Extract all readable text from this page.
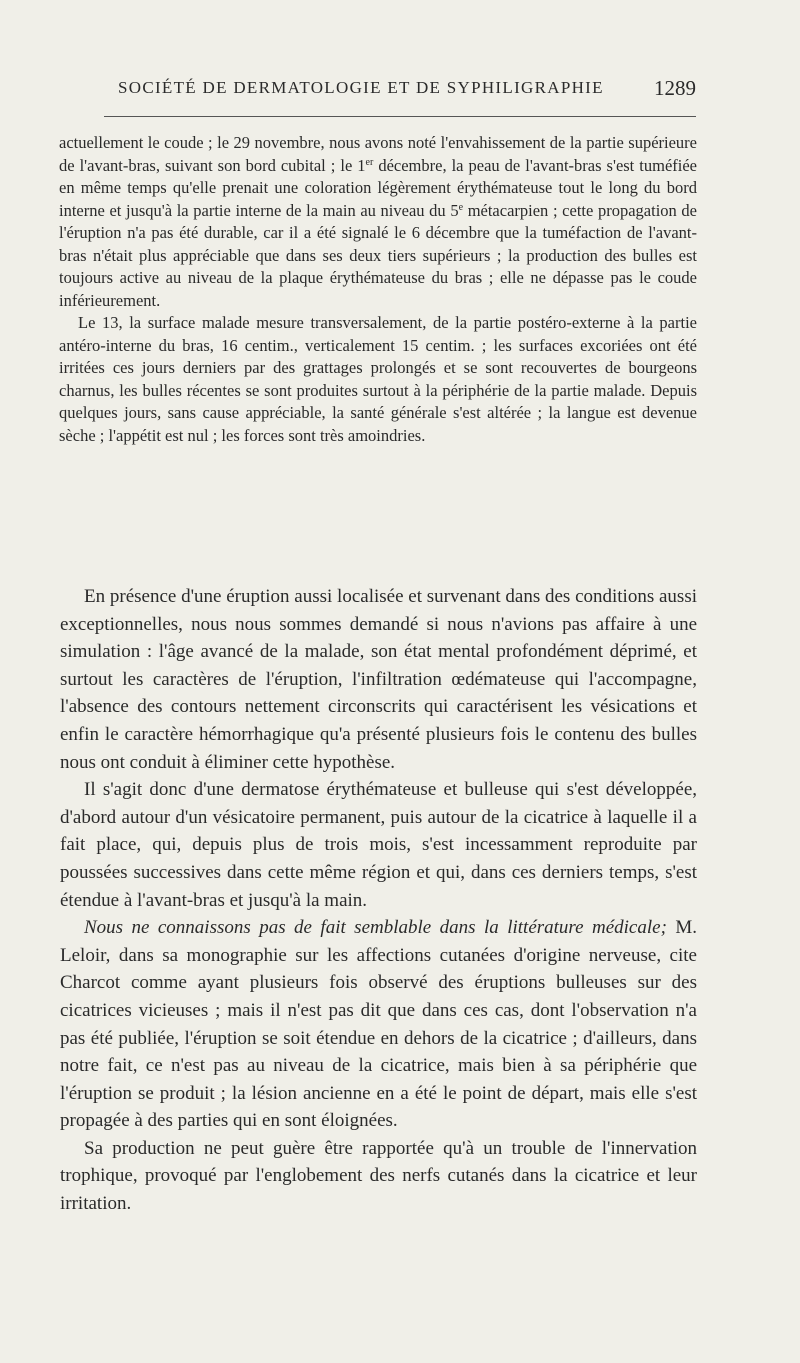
SOCIÉTÉ DE DERMATOLOGIE ET DE SYPHILIGRAPHIE 1289

actuellement le coude ; le 29 novembre, nous avons noté l'envahissement de la partie supérieure de l'avant-bras, suivant son bord cubital ; le 1er décembre, la peau de l'avant-bras s'est tuméfiée en même temps qu'elle prenait une coloration légèrement érythémateuse tout le long du bord interne et jusqu'à la partie interne de la main au niveau du 5e métacarpien ; cette propagation de l'éruption n'a pas été durable, car il a été signalé le 6 décembre que la tuméfaction de l'avant-bras n'était plus appréciable que dans ses deux tiers supérieurs ; la production des bulles est toujours active au niveau de la plaque érythémateuse du bras ; elle ne dépasse pas le coude inférieurement.

Le 13, la surface malade mesure transversalement, de la partie postéro-externe à la partie antéro-interne du bras, 16 centim., verticalement 15 centim. ; les surfaces excoriées ont été irritées ces jours derniers par des grattages prolongés et se sont recouvertes de bourgeons charnus, les bulles récentes se sont produites surtout à la périphérie de la partie malade. Depuis quelques jours, sans cause appréciable, la santé générale s'est altérée ; la langue est devenue sèche ; l'appétit est nul ; les forces sont très amoindries.

En présence d'une éruption aussi localisée et survenant dans des conditions aussi exceptionnelles, nous nous sommes demandé si nous n'avions pas affaire à une simulation : l'âge avancé de la malade, son état mental profondément déprimé, et surtout les caractères de l'éruption, l'infiltration œdémateuse qui l'accompagne, l'absence des contours nettement circonscrits qui caractérisent les vésications et enfin le caractère hémorrhagique qu'a présenté plusieurs fois le contenu des bulles nous ont conduit à éliminer cette hypothèse.

Il s'agit donc d'une dermatose érythémateuse et bulleuse qui s'est développée, d'abord autour d'un vésicatoire permanent, puis autour de la cicatrice à laquelle il a fait place, qui, depuis plus de trois mois, s'est incessamment reproduite par poussées successives dans cette même région et qui, dans ces derniers temps, s'est étendue à l'avant-bras et jusqu'à la main.

Nous ne connaissons pas de fait semblable dans la littérature médicale; M. Leloir, dans sa monographie sur les affections cutanées d'origine nerveuse, cite Charcot comme ayant plusieurs fois observé des éruptions bulleuses sur des cicatrices vicieuses ; mais il n'est pas dit que dans ces cas, dont l'observation n'a pas été publiée, l'éruption se soit étendue en dehors de la cicatrice ; d'ailleurs, dans notre fait, ce n'est pas au niveau de la cicatrice, mais bien à sa périphérie que l'éruption se produit ; la lésion ancienne en a été le point de départ, mais elle s'est propagée à des parties qui en sont éloignées.

Sa production ne peut guère être rapportée qu'à un trouble de l'innervation trophique, provoqué par l'englobement des nerfs cutanés dans la cicatrice et leur irritation.
